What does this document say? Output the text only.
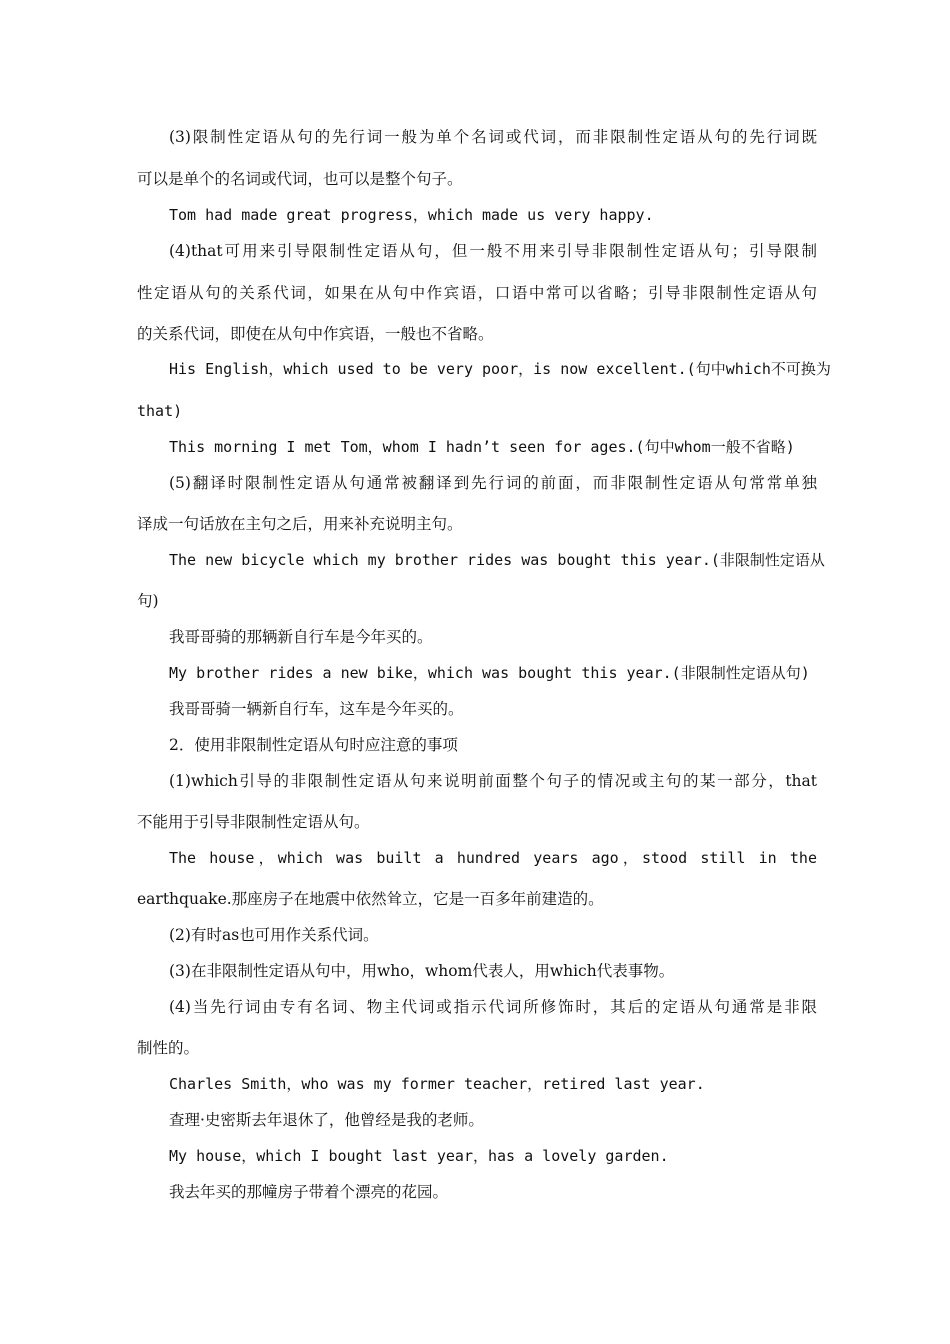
(3)限制性定语从句的先行词一般为单个名词或代词，而非限制性定语从句的先行词既
可以是单个的名词或代词，也可以是整个句子。
Tom had made great progress，which made us very happy.
(4)that可用来引导限制性定语从句，但一般不用来引导非限制性定语从句；引导限制
性定语从句的关系代词，如果在从句中作宾语，口语中常可以省略；引导非限制性定语从句
的关系代词，即使在从句中作宾语，一般也不省略。
His English，which used to be very poor，is now excellent.(句中which不可换为
that)
This morning I met Tom，whom I hadn’t seen for ages.(句中whom一般不省略)
(5)翻译时限制性定语从句通常被翻译到先行词的前面，而非限制性定语从句常常单独
译成一句话放在主句之后，用来补充说明主句。
The new bicycle which my brother rides was bought this year.(非限制性定语从
句)
我哥哥骑的那辆新自行车是今年买的。
My brother rides a new bike，which was bought this year.(非限制性定语从句)
我哥哥骑一辆新自行车，这车是今年买的。
2．使用非限制性定语从句时应注意的事项
(1)which引导的非限制性定语从句来说明前面整个句子的情况或主句的某一部分，that
不能用于引导非限制性定语从句。
The house，which was built a hundred years ago，stood still in the
earthquake.那座房子在地震中依然耸立，它是一百多年前建造的。
(2)有时as也可用作关系代词。
(3)在非限制性定语从句中，用who，whom代表人，用which代表事物。
(4)当先行词由专有名词、物主代词或指示代词所修饰时，其后的定语从句通常是非限
制性的。
Charles Smith，who was my former teacher，retired last year.
查理·史密斯去年退休了，他曾经是我的老师。
My house，which I bought last year，has a lovely garden.
我去年买的那幢房子带着个漂亮的花园。
